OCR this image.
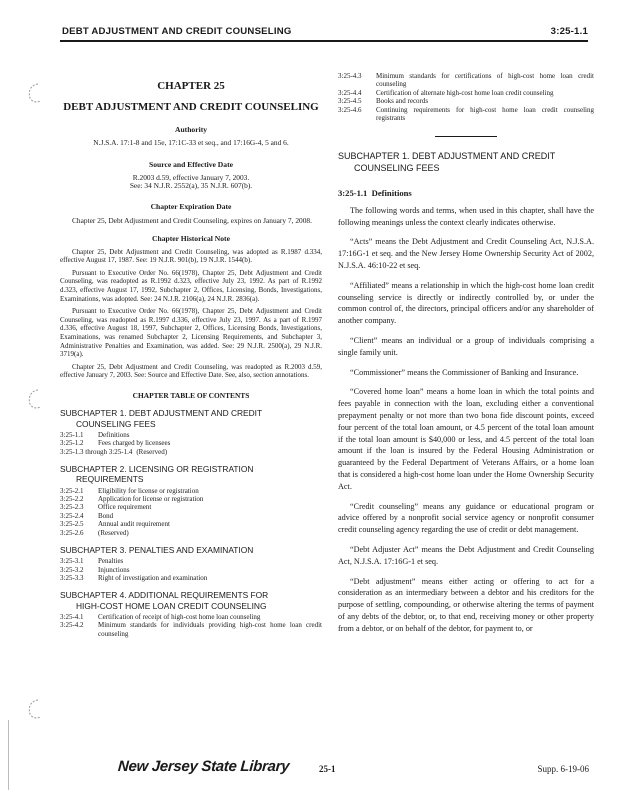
DEBT ADJUSTMENT AND CREDIT COUNSELING	3:25-1.1
CHAPTER 25
DEBT ADJUSTMENT AND CREDIT COUNSELING
Authority
N.J.S.A. 17:1-8 and 15e, 17:1C-33 et seq., and 17:16G-4, 5 and 6.
Source and Effective Date
R.2003 d.59, effective January 7, 2003.
See: 34 N.J.R. 2552(a), 35 N.J.R. 607(b).
Chapter Expiration Date

Chapter 25, Debt Adjustment and Credit Counseling, expires on January 7, 2008.

Chapter Historical Note

Chapter 25, Debt Adjustment and Credit Counseling, was adopted as R.1987 d.334, effective August 17, 1987. See: 19 N.J.R. 901(b), 19 N.J.R. 1544(b).

Pursuant to Executive Order No. 66(1978), Chapter 25, Debt Adjustment and Credit Counseling, was readopted as R.1992 d.323, effective July 23, 1992. As part of R.1992 d.323, effective August 17, 1992, Subchapter 2, Offices, Licensing, Bonds, Investigations, Examinations, was adopted. See: 24 N.J.R. 2106(a), 24 N.J.R. 2836(a).

Pursuant to Executive Order No. 66(1978), Chapter 25, Debt Adjustment and Credit Counseling, was readopted as R.1997 d.336, effective July 23, 1997. As a part of R.1997 d.336, effective August 18, 1997, Subchapter 2, Offices, Licensing Bonds, Investigations, Examinations, was renamed Subchapter 2, Licensing Requirements, and Subchapter 3, Administrative Penalties and Examination, was added. See: 29 N.J.R. 2500(a), 29 N.J.R. 3719(a).

Chapter 25, Debt Adjustment and Credit Counseling, was readopted as R.2003 d.59, effective January 7, 2003. See: Source and Effective Date. See, also, section annotations.

CHAPTER TABLE OF CONTENTS
SUBCHAPTER 1. DEBT ADJUSTMENT AND CREDIT
COUNSELING FEES
3:25-1.1	Definitions
3:25-1.2	Fees charged by licensees
3:25-1.3 through 3:25-1.4 (Reserved)
SUBCHAPTER 2. LICENSING OR REGISTRATION
REQUIREMENTS
3:25-2.1	Eligibility for license or registration
3:25-2.2	Application for license or registration
3:25-2.3	Office requirement
3:25-2.4	Bond
3:25-2.5	Annual audit requirement
3:25-2.6	(Reserved)
SUBCHAPTER 3. PENALTIES AND EXAMINATION
3:25-3.1	Penalties
3:25-3.2	Injunctions
3:25-3.3	Right of investigation and examination
SUBCHAPTER 4. ADDITIONAL REQUIREMENTS FOR
HIGH-COST HOME LOAN CREDIT COUNSELING
3:25-4.1	Certification of receipt of high-cost home loan counseling
3:25-4.2	Minimum standards for individuals providing high-cost home loan credit counseling
3:25-4.3	Minimum standards for certifications of high-cost home loan credit counseling
3:25-4.4	Certification of alternate high-cost home loan credit counseling
3:25-4.5	Books and records
3:25-4.6	Continuing requirements for high-cost home loan credit counseling registrants
SUBCHAPTER 1. DEBT ADJUSTMENT AND CREDIT
COUNSELING FEES
3:25-1.1 Definitions

The following words and terms, when used in this chapter, shall have the following meanings unless the context clearly indicates otherwise.

“Acts” means the Debt Adjustment and Credit Counseling Act, N.J.S.A. 17:16G-1 et seq. and the New Jersey Home Ownership Security Act of 2002, N.J.S.A. 46:10-22 et seq.

“Affiliated” means a relationship in which the high-cost home loan credit counseling service is directly or indirectly controlled by, or under the common control of, the directors, principal officers and/or any shareholder of another company.

“Client” means an individual or a group of individuals comprising a single family unit.

“Commissioner” means the Commissioner of Banking and Insurance.

“Covered home loan” means a home loan in which the total points and fees payable in connection with the loan, excluding either a conventional prepayment penalty or not more than two bona fide discount points, exceed four percent of the total loan amount, or 4.5 percent of the total loan amount if the total loan amount is $40,000 or less, and 4.5 percent of the total loan amount if the loan is insured by the Federal Housing Administration or guaranteed by the Federal Department of Veterans Affairs, or a home loan that is considered a high-cost home loan under the Home Ownership Security Act.

“Credit counseling” means any guidance or educational program or advice offered by a nonprofit social service agency or nonprofit consumer credit counseling agency regarding the use of credit or debt management.

“Debt Adjuster Act” means the Debt Adjustment and Credit Counseling Act, N.J.S.A. 17:16G-1 et seq.

“Debt adjustment” means either acting or offering to act for a consideration as an intermediary between a debtor and his creditors for the purpose of settling, compounding, or otherwise altering the terms of payment of any debts of the debtor, or, to that end, receiving money or other property from a debtor, or on behalf of the debtor, for payment to, or

New Jersey State Library	25-1	Supp. 6-19-06
